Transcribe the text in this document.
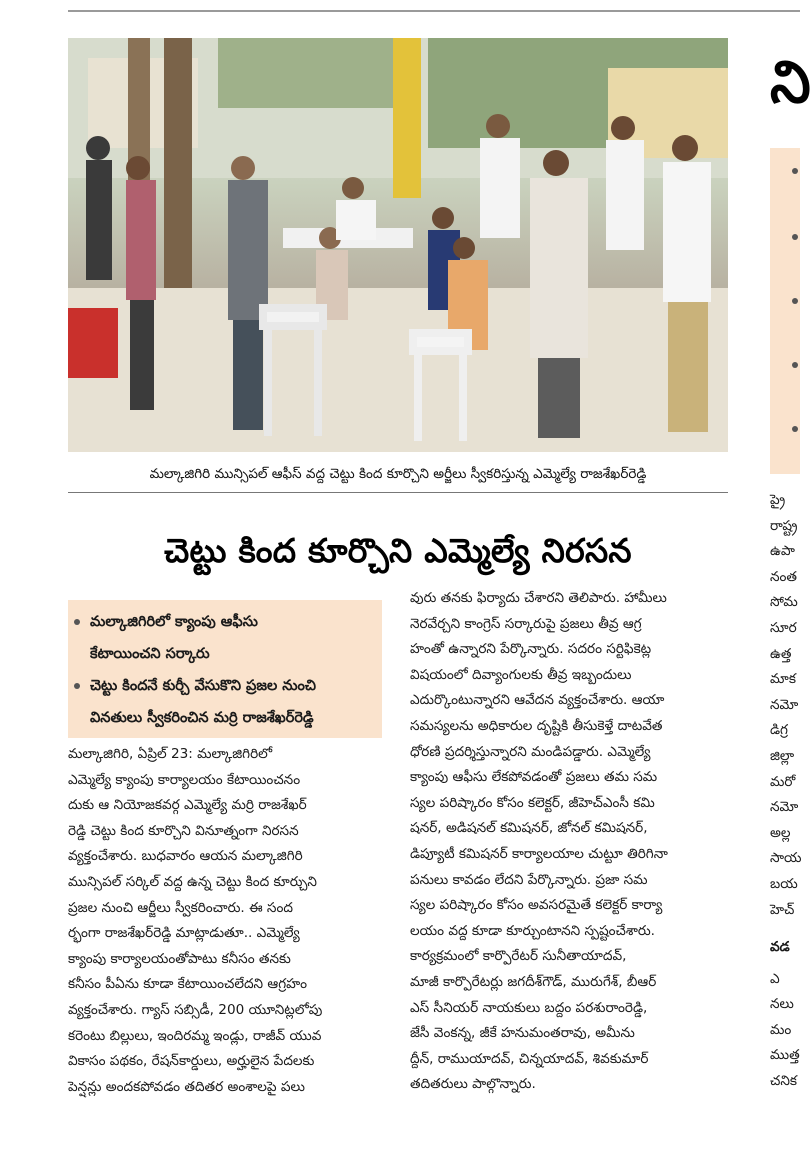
మల్కాజిగిరి మున్సిపల్ ఆఫీస్ వద్ద చెట్టు కింద కూర్చొని అర్జీలు స్వీకరిస్తున్న ఎమ్మెల్యే రాజశేఖర్‌రెడ్డి
చెట్టు కింద కూర్చొని ఎమ్మెల్యే నిరసన
మల్కాజిగిరిలో క్యాంపు ఆఫీసు
కేటాయించని సర్కారు
చెట్టు కిందనే కుర్చీ వేసుకొని ప్రజల నుంచి
వినతులు స్వీకరించిన మర్రి రాజశేఖర్‌రెడ్డి

మల్కాజిగిరి, ఏప్రిల్ 23: మల్కాజిగిరిలో

ఎమ్మెల్యే క్యాంపు కార్యాలయం కేటాయించనం

దుకు ఆ నియోజకవర్గ ఎమ్మెల్యే మర్రి రాజశేఖర్

రెడ్డి చెట్టు కింద కూర్చొని వినూత్నంగా నిరసన

వ్యక్తంచేశారు. బుధవారం ఆయన మల్కాజిగిరి

మున్సిపల్ సర్కిల్ వద్ద ఉన్న చెట్టు కింద కూర్చుని

ప్రజల నుంచి ఆర్జీలు స్వీకరించారు. ఈ సంద

ర్భంగా రాజశేఖర్‌రెడ్డి మాట్లాడుతూ.. ఎమ్మెల్యే

క్యాంపు కార్యాలయంతోపాటు కనీసం తనకు

కనీసం పీఏను కూడా కేటాయించలేదని ఆగ్రహం

వ్యక్తంచేశారు. గ్యాస్ సబ్సిడీ, 200 యూనిట్లలోపు

కరెంటు బిల్లులు, ఇందిరమ్మ ఇండ్లు, రాజీవ్ యువ

వికాసం పథకం, రేషన్‌కార్డులు, అర్హులైన పేదలకు

పెన్షన్లు అందకపోవడం తదితర అంశాలపై పలు

వురు తనకు ఫిర్యాదు చేశారని తెలిపారు. హామీలు

నెరవేర్చని కాంగ్రెస్ సర్కారుపై ప్రజలు తీవ్ర ఆగ్ర

హంతో ఉన్నారని పేర్కొన్నారు. సదరం సర్టిఫికెట్ల

విషయంలో దివ్యాంగులకు తీవ్ర ఇబ్బందులు

ఎదుర్కొంటున్నారని ఆవేదన వ్యక్తంచేశారు. ఆయా

సమస్యలను అధికారుల దృష్టికి తీసుకెళ్తే దాటవేత

ధోరణి ప్రదర్శిస్తున్నారని మండిపడ్డారు. ఎమ్మెల్యే

క్యాంపు ఆఫీసు లేకపోవడంతో ప్రజలు తమ సమ

స్యల పరిష్కారం కోసం కలెక్టర్, జీహెచ్ఎంసీ కమి

షనర్, అడిషనల్ కమిషనర్, జోనల్ కమిషనర్,

డిప్యూటీ కమిషనర్ కార్యాలయాల చుట్టూ తిరిగినా

పనులు కావడం లేదని పేర్కొన్నారు. ప్రజా సమ

స్యల పరిష్కారం కోసం అవసరమైతే కలెక్టర్ కార్యా

లయం వద్ద కూడా కూర్చుంటానని స్పష్టంచేశారు.

కార్యక్రమంలో కార్పొరేటర్ సునీతాయాదవ్,

మాజీ కార్పొరేటర్లు జగదీశ్‌గౌడ్, మురుగేశ్, బీఆర్

ఎస్ సీనియర్ నాయకులు బద్దం పరశురాంరెడ్డి,

జేసీ వెంకన్న, జీకే హనుమంతరావు, అమీను

ద్దీన్, రాముయాదవ్, చిన్నయాదవ్, శివకుమార్

తదితరులు పాల్గొన్నారు.

ని

ప్రై

రాష్ట్ర

ఉపా

నంత

సోమ

సూర

ఉత్త

మాక

నమో

డిగ్ర

జిల్లా

మరో

నమో

అల్ల

సాయ

బయ

హెచ్

వడ

ఎ

నలు

మం

ముత్త

చనిక
